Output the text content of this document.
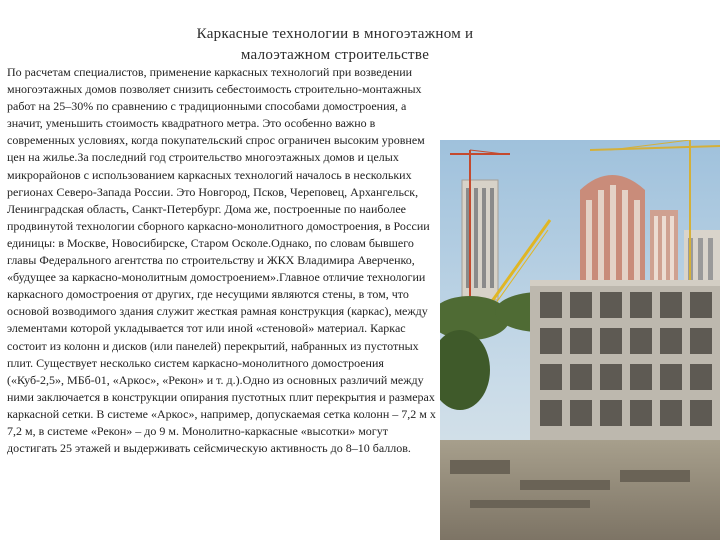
Каркасные технологии в многоэтажном и малоэтажном строительстве
По расчетам специалистов, применение каркасных технологий при возведении многоэтажных домов позволяет снизить себестоимость строительно-монтажных работ на 25–30% по сравнению с традиционными способами домостроения, а значит, уменьшить стоимость квадратного метра. Это особенно важно в современных условиях, когда покупательский спрос ограничен высоким уровнем цен на жилье.За последний год строительство многоэтажных домов и целых микрорайонов с использованием каркасных технологий началось в нескольких регионах Северо-Запада России. Это Новгород, Псков, Череповец, Архангельск, Ленинградская область, Санкт-Петербург. Дома же, построенные по наиболее продвинутой технологии сборного каркасно-монолитного домостроения, в России единицы: в Москве, Новосибирске, Старом Осколе.Однако, по словам бывшего главы Федерального агентства по строительству и ЖКХ Владимира Аверченко, «будущее за каркасно-монолитным домостроением».Главное отличие технологии каркасного домостроения от других, где несущими являются стены, в том, что основой возводимого здания служит жесткая рамная конструкция (каркас), между элементами которой укладывается тот или иной «стеновой» материал. Каркас состоит из колонн и дисков (или панелей) перекрытий, набранных из пустотных плит. Существует несколько систем каркасно-монолитного домостроения («Куб-2,5», МБб-01, «Аркос», «Рекон» и т. д.).Одно из основных различий между ними заключается в конструкции опирания пустотных плит перекрытия и размерах каркасной сетки. В системе «Аркос», например, допускаемая сетка колонн – 7,2 м х 7,2 м, в системе «Рекон» – до 9 м. Монолитно-каркасные «высотки» могут достигать 25 этажей и выдерживать сейсмическую активность до 8–10 баллов.
